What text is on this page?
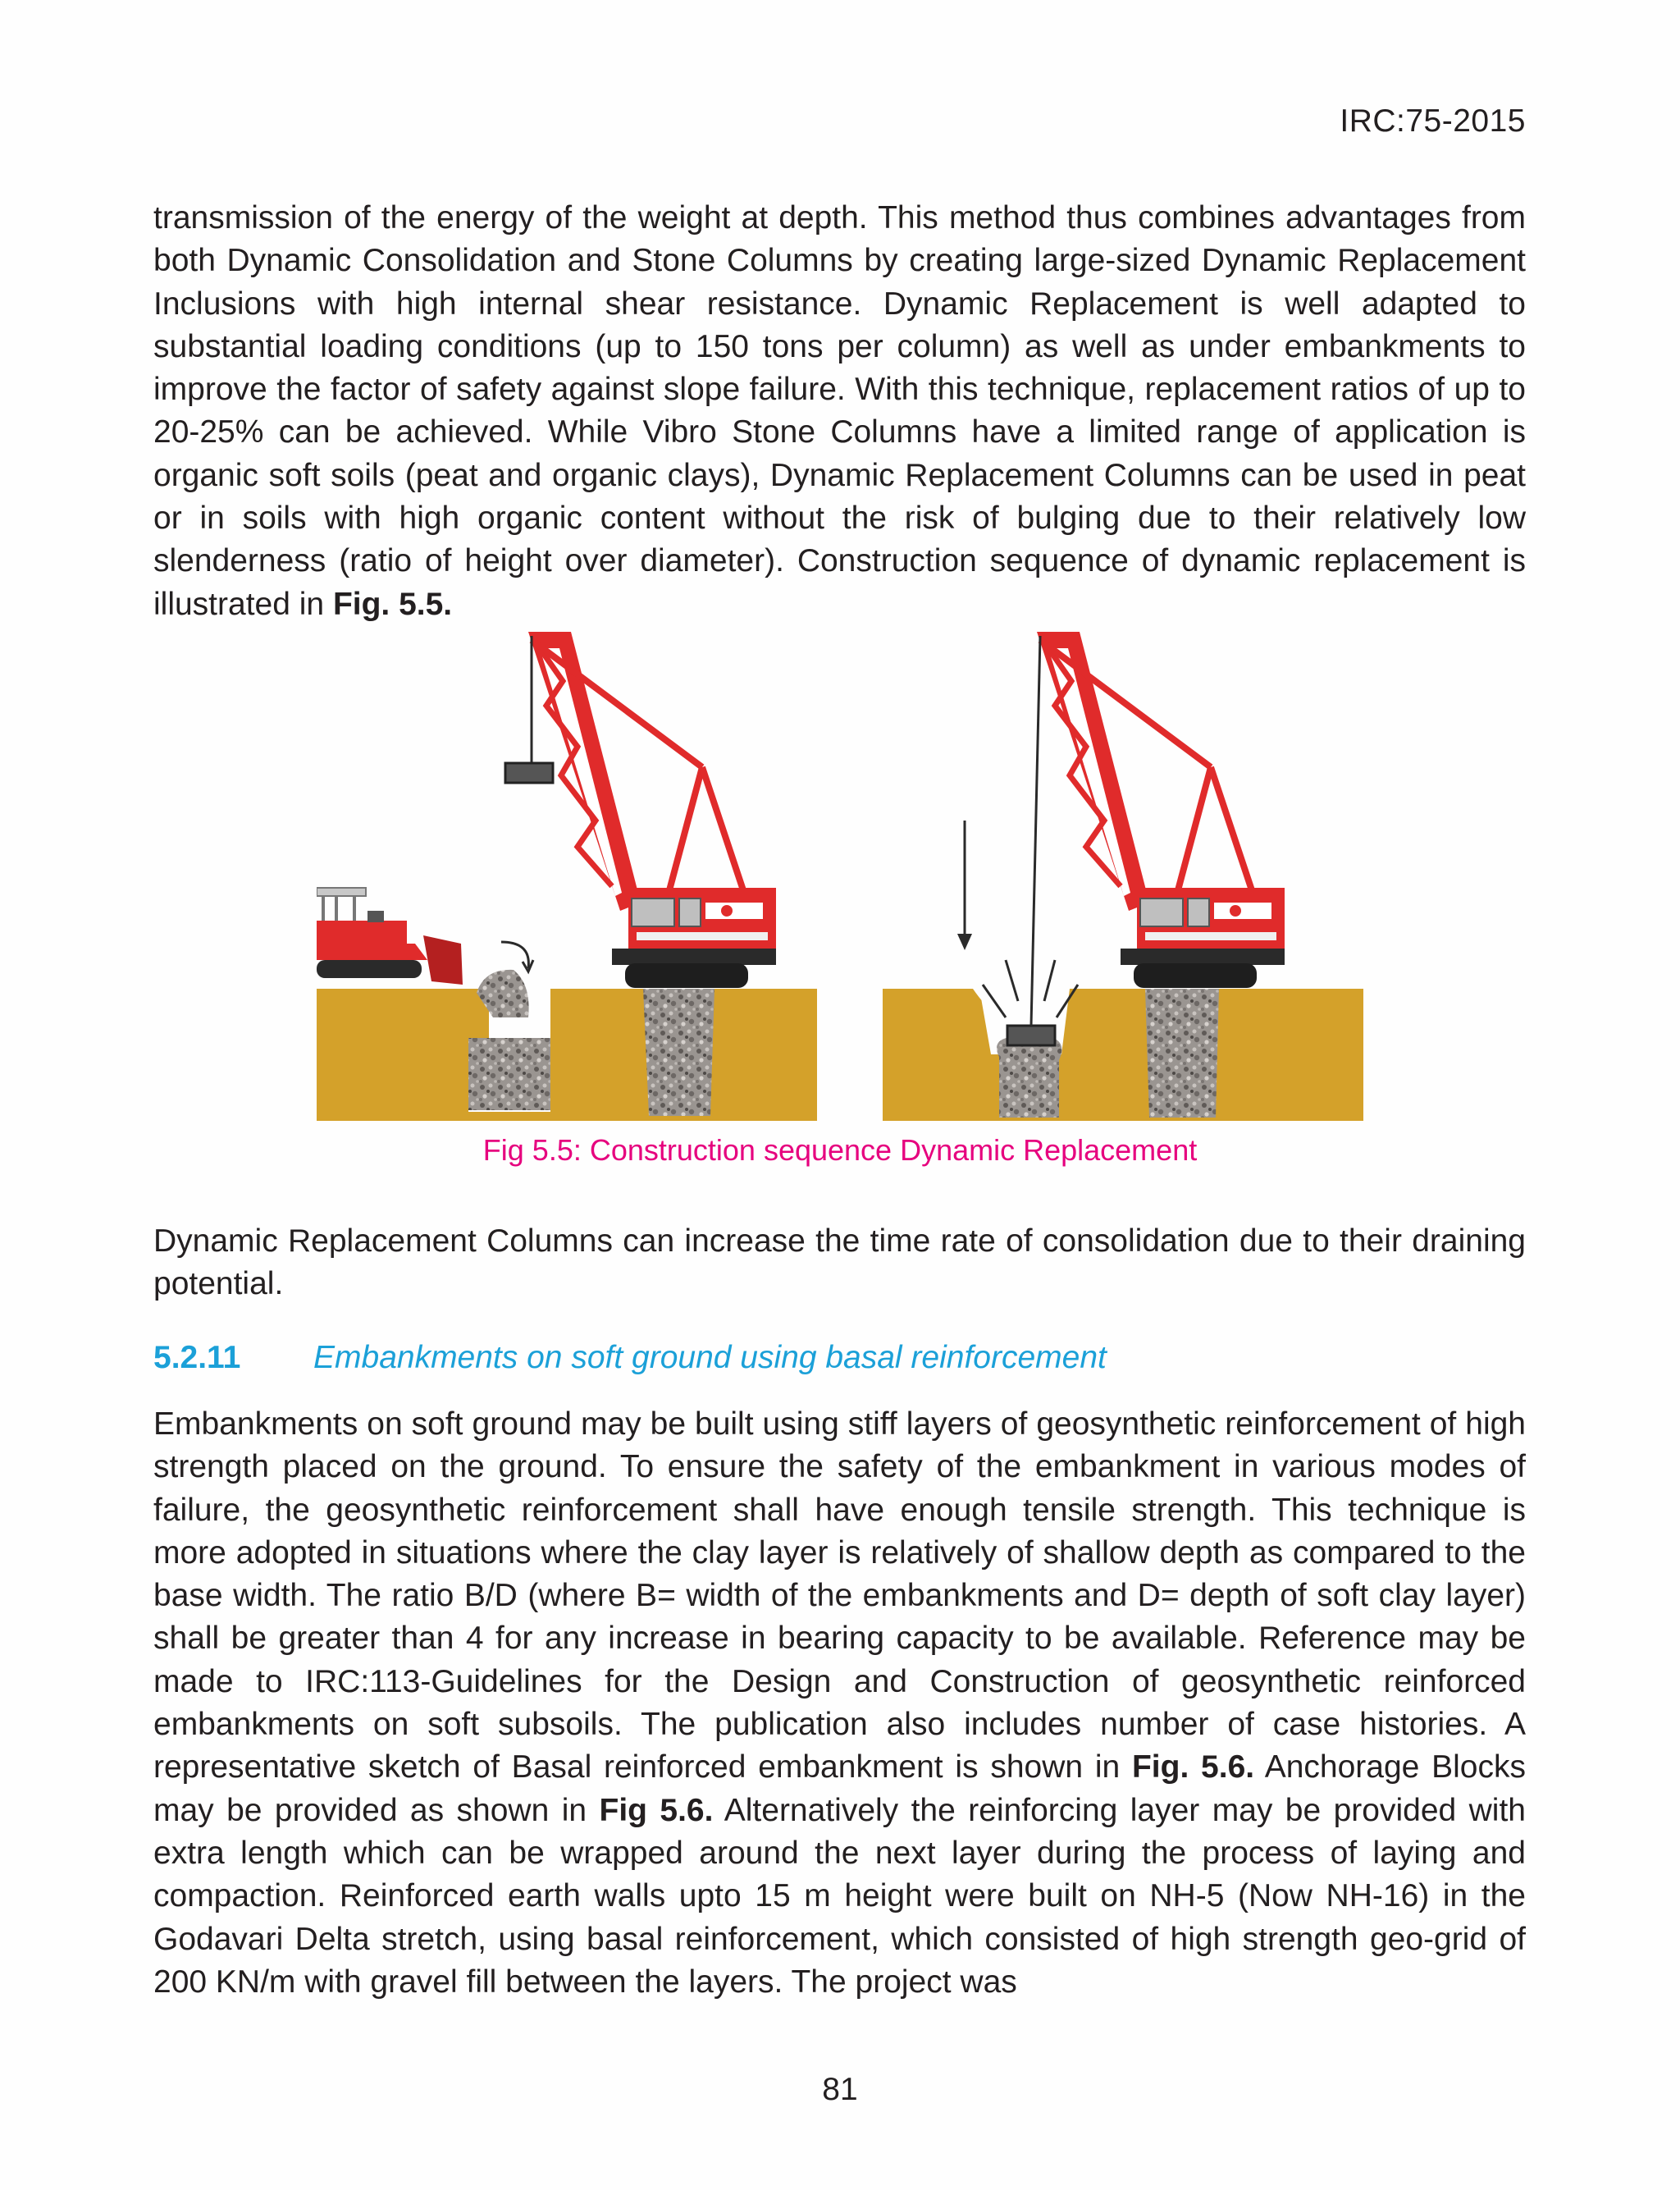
IRC:75-2015

transmission of the energy of the weight at depth. This method thus combines advantages from both Dynamic Consolidation and Stone Columns by creating large-sized Dynamic Replacement Inclusions with high internal shear resistance. Dynamic Replacement is well adapted to substantial loading conditions (up to 150 tons per column) as well as under embankments to improve the factor of safety against slope failure. With this technique, replacement ratios of up to 20-25% can be achieved. While Vibro Stone Columns have a limited range of application is organic soft soils (peat and organic clays), Dynamic Replacement Columns can be used in peat or in soils with high organic content without the risk of bulging due to their relatively low slenderness (ratio of height over diameter). Construction sequence of dynamic replacement is illustrated in Fig. 5.5.

Fig 5.5: Construction sequence Dynamic Replacement

Dynamic Replacement Columns can increase the time rate of consolidation due to their draining potential.

5.2.11 Embankments on soft ground using basal reinforcement

Embankments on soft ground may be built using stiff layers of geosynthetic reinforcement of high strength placed on the ground. To ensure the safety of the embankment in various modes of failure, the geosynthetic reinforcement shall have enough tensile strength. This technique is more adopted in situations where the clay layer is relatively of shallow depth as compared to the base width. The ratio B/D (where B= width of the embankments and D= depth of soft clay layer) shall be greater than 4 for any increase in bearing capacity to be available. Reference may be made to IRC:113-Guidelines for the Design and Construction of geosynthetic reinforced embankments on soft subsoils. The publication also includes number of case histories. A representative sketch of Basal reinforced embankment is shown in Fig. 5.6. Anchorage Blocks may be provided as shown in Fig 5.6. Alternatively the reinforcing layer may be provided with extra length which can be wrapped around the next layer during the process of laying and compaction. Reinforced earth walls upto 15 m height were built on NH-5 (Now NH-16) in the Godavari Delta stretch, using basal reinforcement, which consisted of high strength geo-grid of 200 KN/m with gravel fill between the layers. The project was

81
